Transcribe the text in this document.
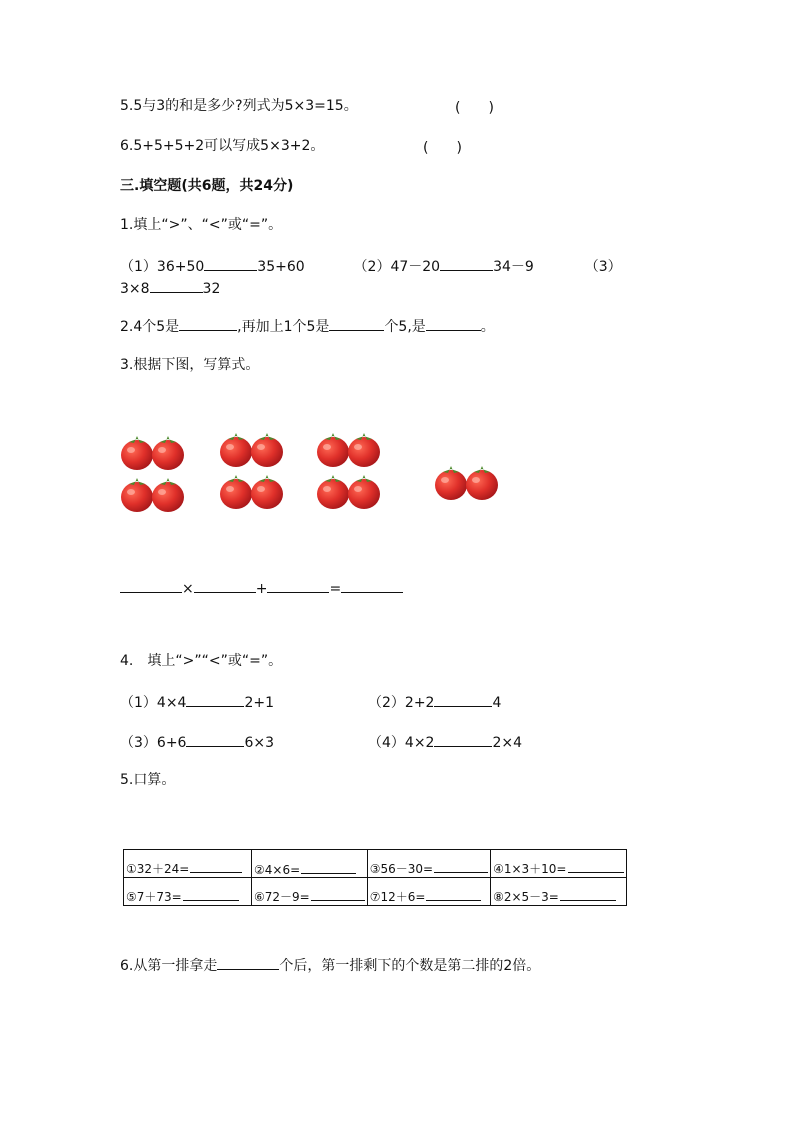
5.5与3的和是多少?列式为5×3=15。	(　　)
6.5+5+5+2可以写成5×3+2。	(　　)
三.填空题(共6题，共24分)
1.填上“>”、“<”或“=”。
（1）36+50	35+60	（2）47－20	34－9	（3）
3×8	32
2.4个5是	,再加上1个5是	个5,是	。
3.根据下图，写算式。
×	+	=
4.　填上“>”“<”或“=”。
（1）4×4	2+1	（2）2+2	4
（3）6+6	6×3	（4）4×2	2×4
5.口算。
①32＋24=	②4×6=	③56－30=	④1×3＋10=
⑤7＋73=	⑥72－9=	⑦12＋6=	⑧2×5－3=
6.从第一排拿走	个后，第一排剩下的个数是第二排的2倍。
